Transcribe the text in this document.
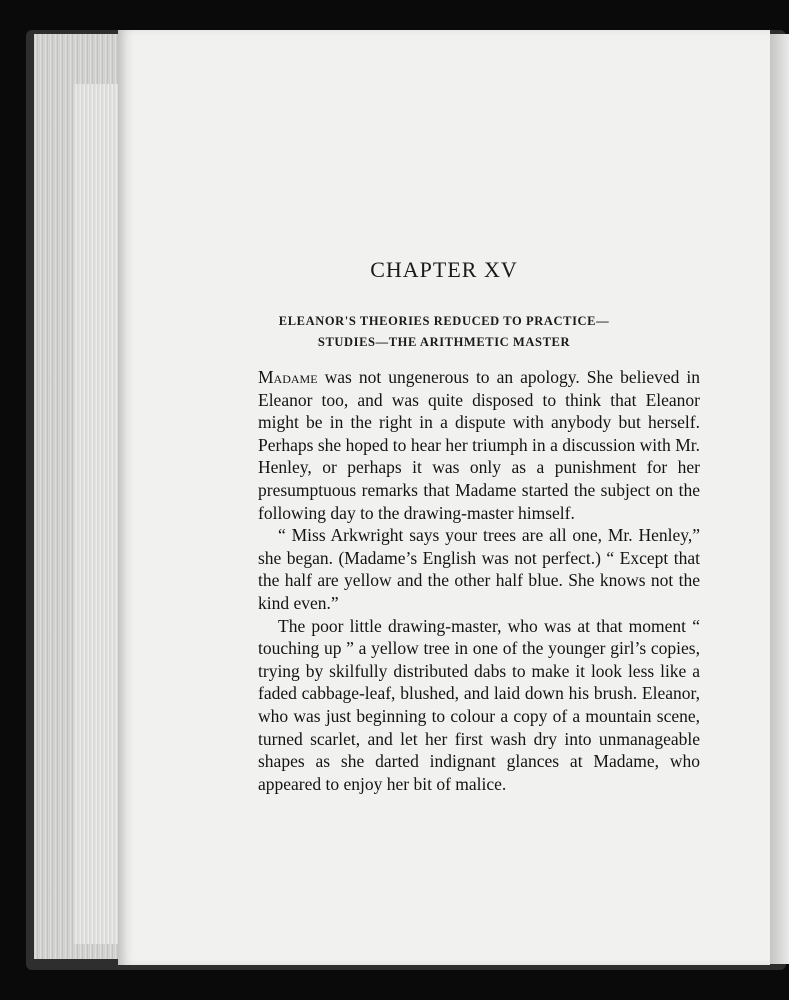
CHAPTER XV
ELEANOR'S THEORIES REDUCED TO PRACTICE—
STUDIES—THE ARITHMETIC MASTER

Madame was not ungenerous to an apology. She believed in Eleanor too, and was quite disposed to think that Eleanor might be in the right in a dispute with anybody but herself. Perhaps she hoped to hear her triumph in a discussion with Mr. Henley, or perhaps it was only as a punishment for her presumptuous remarks that Madame started the subject on the following day to the drawing-master himself.

“ Miss Arkwright says your trees are all one, Mr. Henley,” she began. (Madame’s English was not perfect.) “ Except that the half are yellow and the other half blue. She knows not the kind even.”

The poor little drawing-master, who was at that moment “ touching up ” a yellow tree in one of the younger girl’s copies, trying by skilfully distributed dabs to make it look less like a faded cabbage-leaf, blushed, and laid down his brush. Eleanor, who was just beginning to colour a copy of a mountain scene, turned scarlet, and let her first wash dry into unmanageable shapes as she darted indignant glances at Madame, who appeared to enjoy her bit of malice.
